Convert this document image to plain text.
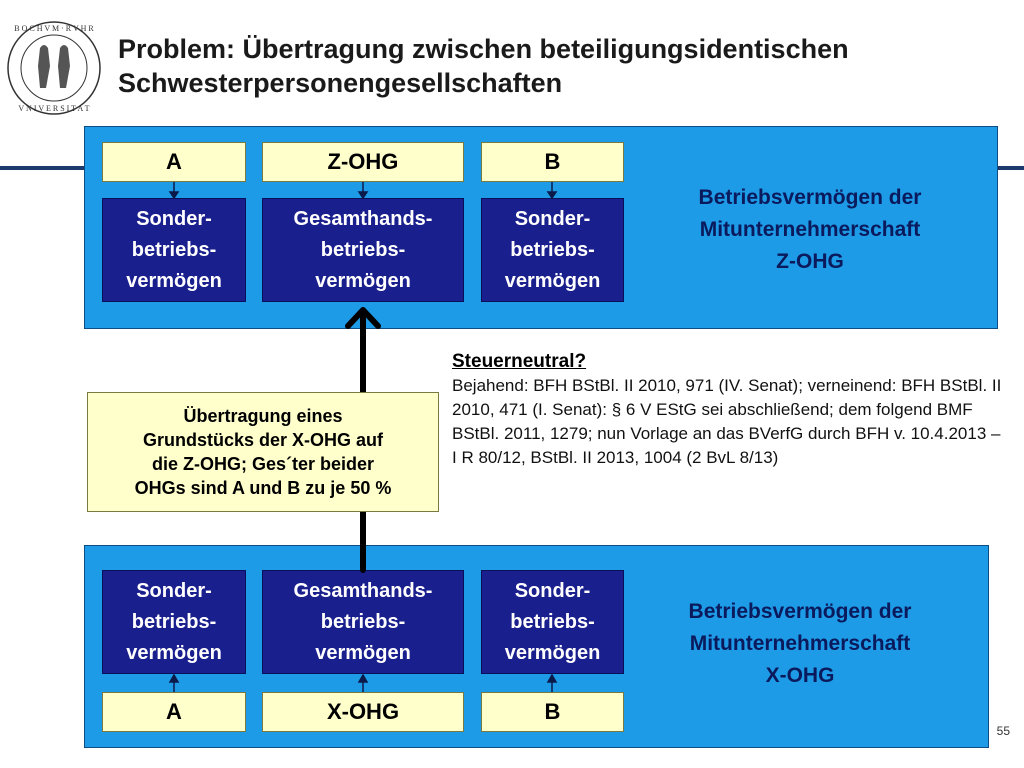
B O C H V M · R V H R
V N I V E R S I T A T
Problem: Übertragung zwischen beteiligungsidentischen Schwesterpersonengesellschaften
A	Z-OHG	B
Sonder-
betriebs-
vermögen
Gesamthands-
betriebs-
vermögen
Sonder-
betriebs-
vermögen
Betriebsvermögen der
Mitunternehmerschaft
Z-OHG
Sonder-
betriebs-
vermögen
Gesamthands-
betriebs-
vermögen
Sonder-
betriebs-
vermögen
A	X-OHG	B
Betriebsvermögen der
Mitunternehmerschaft
X-OHG
Übertragung eines
Grundstücks der X-OHG auf
die Z-OHG; Ges´ter beider
OHGs sind A und B zu je 50 %
Steuerneutral?
Bejahend: BFH BStBl. II 2010, 971 (IV. Senat); verneinend: BFH BStBl. II 2010, 471 (I. Senat): § 6 V EStG sei abschließend; dem folgend BMF BStBl. 2011, 1279; nun Vorlage an das BVerfG durch BFH v. 10.4.2013 – I R 80/12, BStBl. II 2013, 1004 (2 BvL 8/13)
55
